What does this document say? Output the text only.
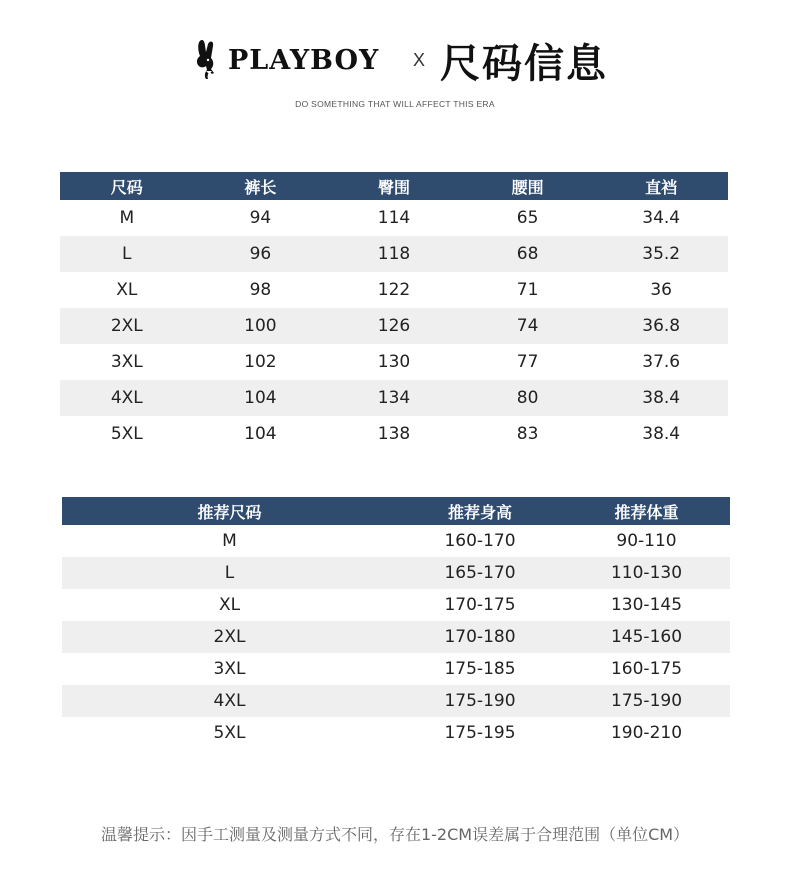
PLAYBOY X 尺码信息
DO SOMETHING THAT WILL AFFECT THIS ERA
尺码	裤长	臀围	腰围	直裆
M	94	114	65	34.4
L	96	118	68	35.2
XL	98	122	71	36
2XL	100	126	74	36.8
3XL	102	130	77	37.6
4XL	104	134	80	38.4
5XL	104	138	83	38.4
推荐尺码	推荐身高	推荐体重	
M	160-170	90-110	
L	165-170	110-130	
XL	170-175	130-145	
2XL	170-180	145-160	
3XL	175-185	160-175	
4XL	175-190	175-190	
5XL	175-195	190-210	
温馨提示：因手工测量及测量方式不同，存在1-2CM误差属于合理范围（单位CM）
